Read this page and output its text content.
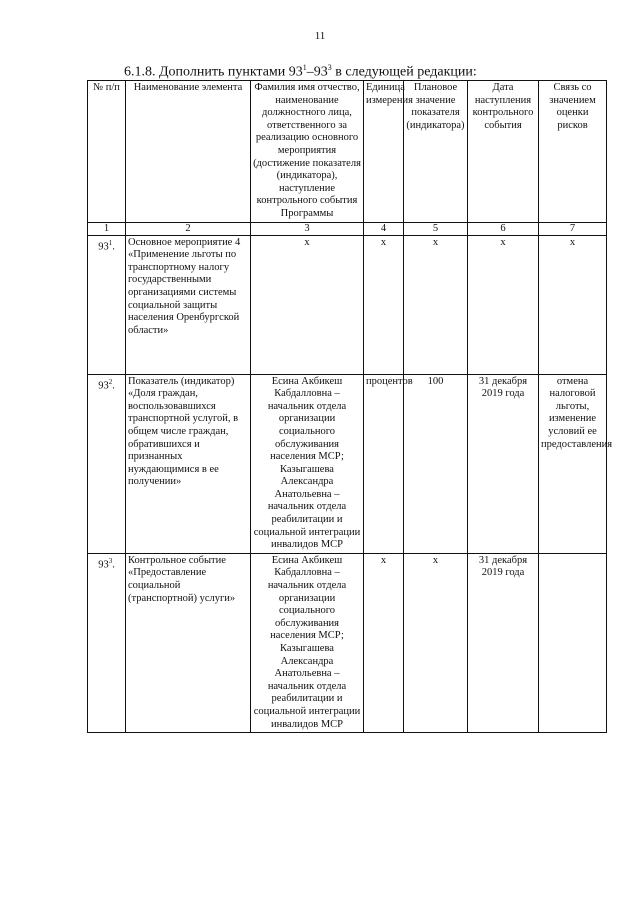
11
6.1.8. Дополнить пунктами $93^1-93^3$ в следующей редакции:
№ п/п	Наименование элемента	Фамилия имя отчество, наименование должностного лица, ответственного за реализацию основного мероприятия (достижение показателя (индикатора), наступление контрольного события Программы	Единица измерения	Плановое значение показателя (индикатора)	Дата наступления контрольного события	Связь со значением оценки рисков
1	2	3	4	5	6	7
$93^1$.	Основное мероприятие 4 «Применение льготы по транспортному налогу государственными организациями системы социальной защиты населения Оренбургской области»	х	х	х	х	х
$93^2$.	Показатель (индикатор) «Доля граждан, воспользовавшихся транспортной услугой, в общем числе граждан, обратившихся и признанных нуждающимися в ее получении»	Есина Акбикеш Кабдалловна – начальник отдела организации социального обслуживания населения МСР; Казыгашева Александра Анатольевна – начальник отдела реабилитации и социальной интеграции инвалидов МСР	процентов	100	31 декабря 2019 года	отмена налоговой льготы, изменение условий ее предоставления
$93^3$.	Контрольное событие «Предоставление социальной (транспортной) услуги»	Есина Акбикеш Кабдалловна – начальник отдела организации социального обслуживания населения МСР; Казыгашева Александра Анатольевна – начальник отдела реабилитации и социальной интеграции инвалидов МСР	х	х	31 декабря 2019 года	
